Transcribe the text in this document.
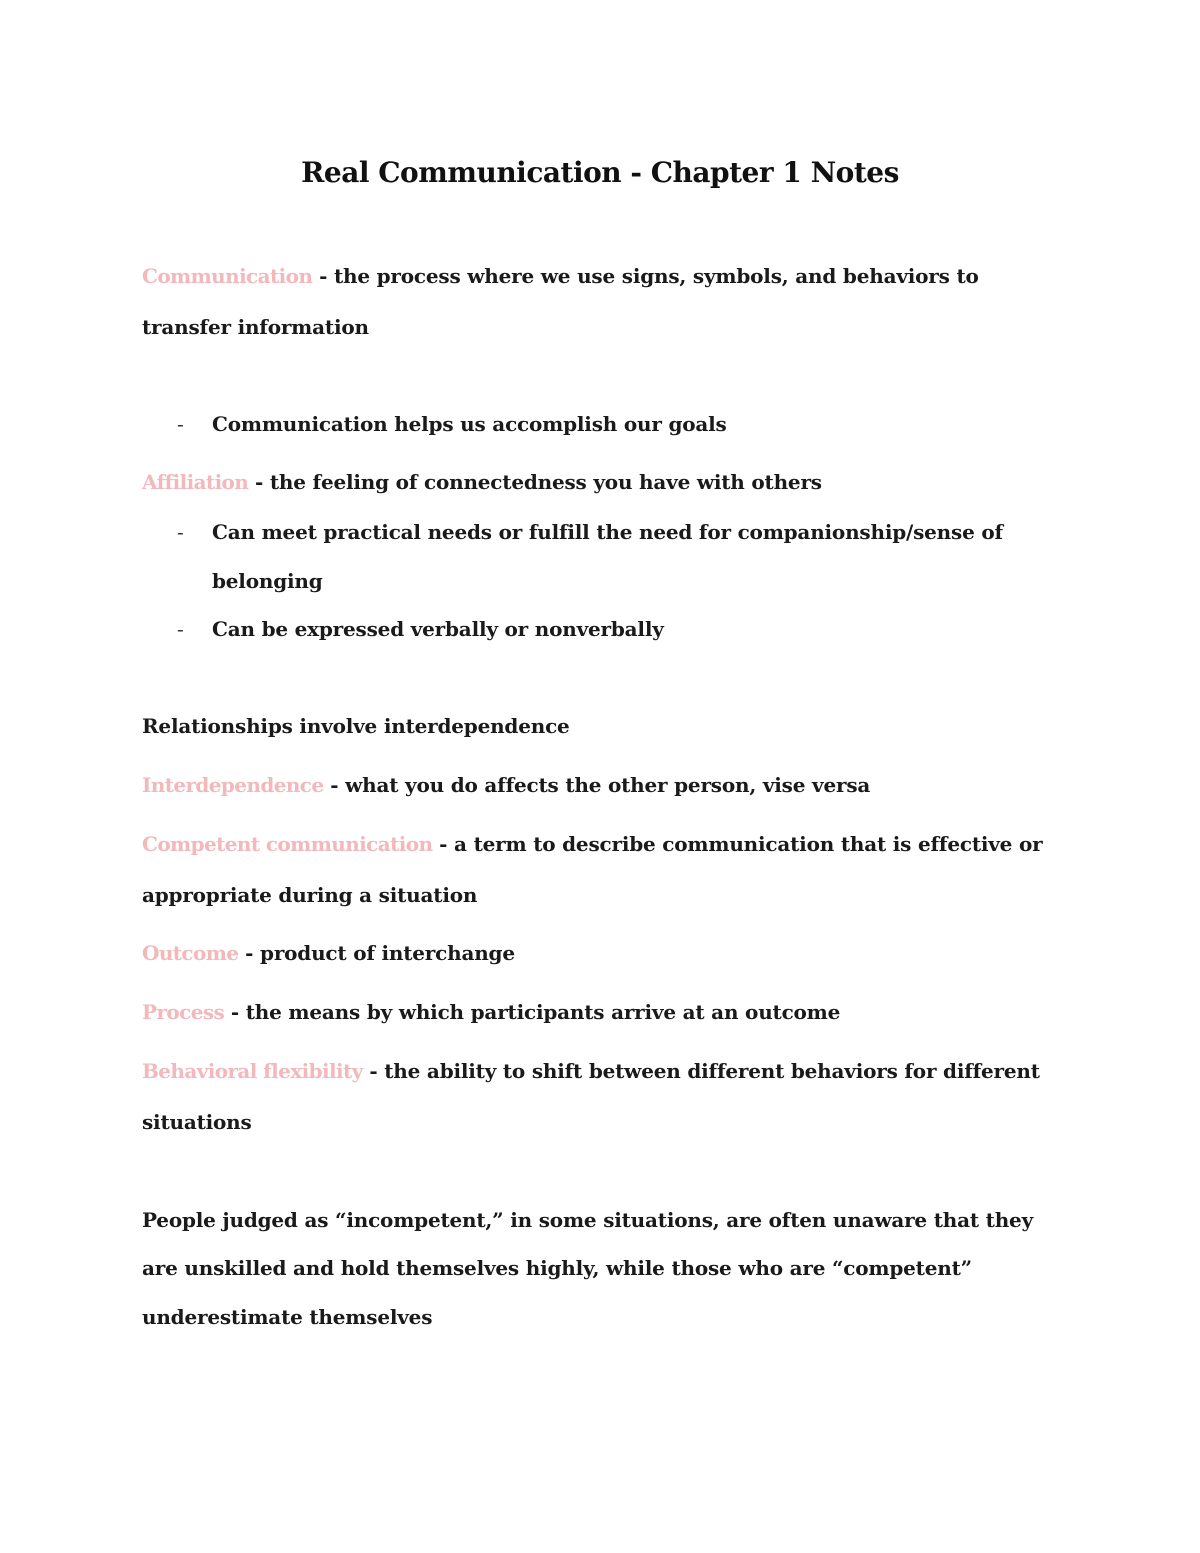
Real Communication - Chapter 1 Notes
Communication - the process where we use signs, symbols, and behaviors to
transfer information
- Communication helps us accomplish our goals
Affiliation - the feeling of connectedness you have with others
- Can meet practical needs or fulfill the need for companionship/sense of
belonging
- Can be expressed verbally or nonverbally
Relationships involve interdependence
Interdependence - what you do affects the other person, vise versa
Competent communication - a term to describe communication that is effective or
appropriate during a situation
Outcome - product of interchange
Process - the means by which participants arrive at an outcome
Behavioral flexibility - the ability to shift between different behaviors for different
situations
People judged as “incompetent,” in some situations, are often unaware that they
are unskilled and hold themselves highly, while those who are “competent”
underestimate themselves
